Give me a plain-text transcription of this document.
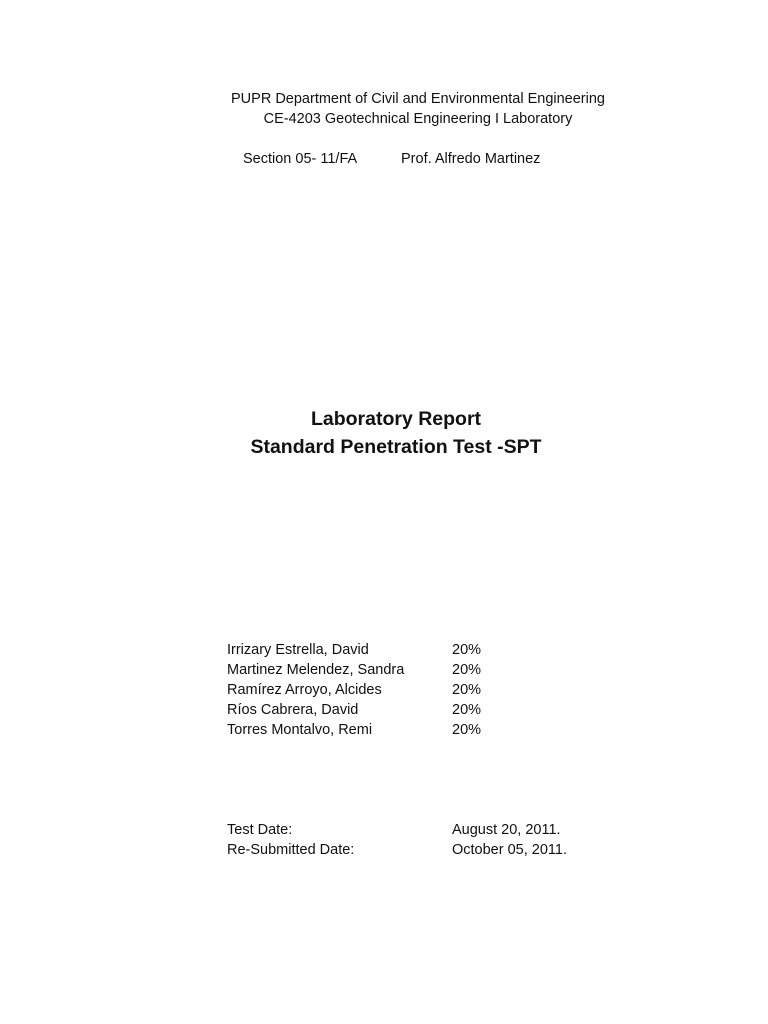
PUPR Department of Civil and Environmental Engineering
CE-4203 Geotechnical Engineering I Laboratory
Section 05- 11/FA	Prof. Alfredo Martinez
Laboratory Report
Standard Penetration Test -SPT
Irrizary Estrella, David	20%
Martinez Melendez, Sandra	20%
Ramírez Arroyo, Alcides	20%
Ríos Cabrera, David	20%
Torres Montalvo, Remi	20%
Test Date:	August 20, 2011.
Re-Submitted Date:	October 05, 2011.
